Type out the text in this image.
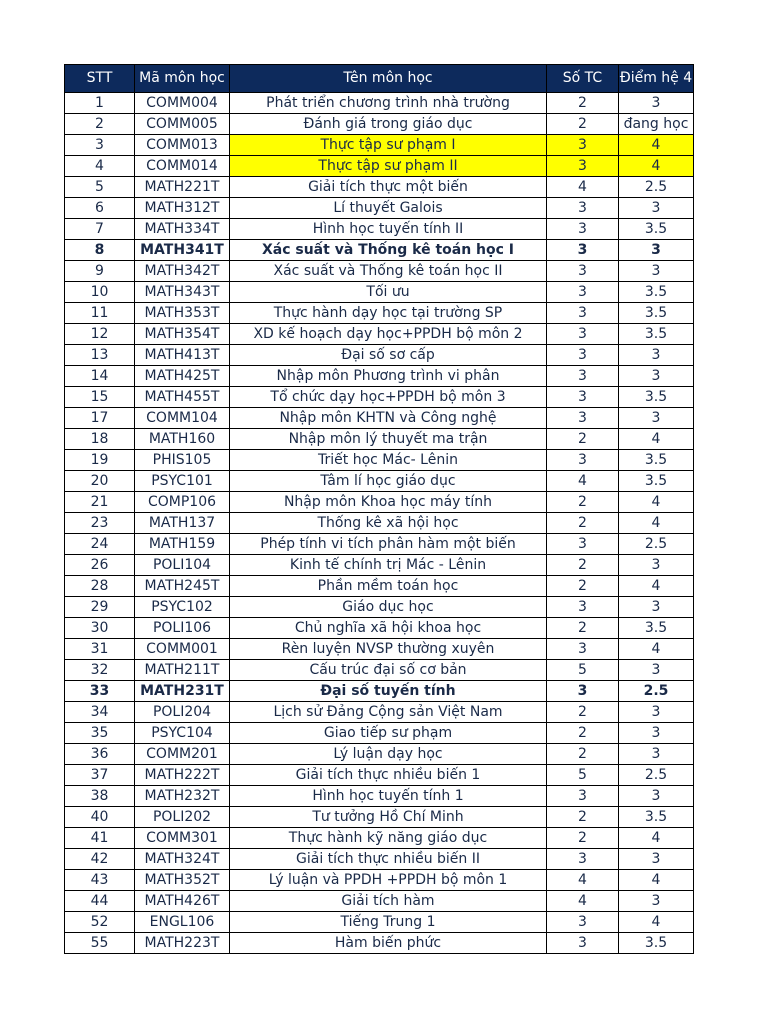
STT	Mã môn học	Tên môn học	Số TC	Điểm hệ 4
1	COMM004	Phát triển chương trình nhà trường	2	3
2	COMM005	Đánh giá trong giáo dục	2	đang học
3	COMM013	Thực tập sư phạm I	3	4
4	COMM014	Thực tập sư phạm II	3	4
5	MATH221T	Giải tích thực một biến	4	2.5
6	MATH312T	Lí thuyết Galois	3	3
7	MATH334T	Hình học tuyến tính II	3	3.5
8	MATH341T	Xác suất và Thống kê toán học I	3	3
9	MATH342T	Xác suất và Thống kê toán học II	3	3
10	MATH343T	Tối ưu	3	3.5
11	MATH353T	Thực hành dạy học tại trường SP	3	3.5
12	MATH354T	XD kế hoạch dạy học+PPDH bộ môn 2	3	3.5
13	MATH413T	Đại số sơ cấp	3	3
14	MATH425T	Nhập môn Phương trình vi phân	3	3
15	MATH455T	Tổ chức dạy học+PPDH bộ môn 3	3	3.5
17	COMM104	Nhập môn KHTN và Công nghệ	3	3
18	MATH160	Nhập môn lý thuyết ma trận	2	4
19	PHIS105	Triết học Mác- Lênin	3	3.5
20	PSYC101	Tâm lí học giáo dục	4	3.5
21	COMP106	Nhập môn Khoa học máy tính	2	4
23	MATH137	Thống kê xã hội học	2	4
24	MATH159	Phép tính vi tích phân hàm một biến	3	2.5
26	POLI104	Kinh tế chính trị Mác - Lênin	2	3
28	MATH245T	Phần mềm toán học	2	4
29	PSYC102	Giáo dục học	3	3
30	POLI106	Chủ nghĩa xã hội khoa học	2	3.5
31	COMM001	Rèn luyện NVSP thường xuyên	3	4
32	MATH211T	Cấu trúc đại số cơ bản	5	3
33	MATH231T	Đại số tuyến tính	3	2.5
34	POLI204	Lịch sử Đảng Cộng sản Việt Nam	2	3
35	PSYC104	Giao tiếp sư phạm	2	3
36	COMM201	Lý luận dạy học	2	3
37	MATH222T	Giải tích thực nhiều biến 1	5	2.5
38	MATH232T	Hình học tuyến tính 1	3	3
40	POLI202	Tư tưởng Hồ Chí Minh	2	3.5
41	COMM301	Thực hành kỹ năng giáo dục	2	4
42	MATH324T	Giải tích thực nhiều biến II	3	3
43	MATH352T	Lý luận và PPDH +PPDH bộ môn 1	4	4
44	MATH426T	Giải tích hàm	4	3
52	ENGL106	Tiếng Trung 1	3	4
55	MATH223T	Hàm biến phức	3	3.5
